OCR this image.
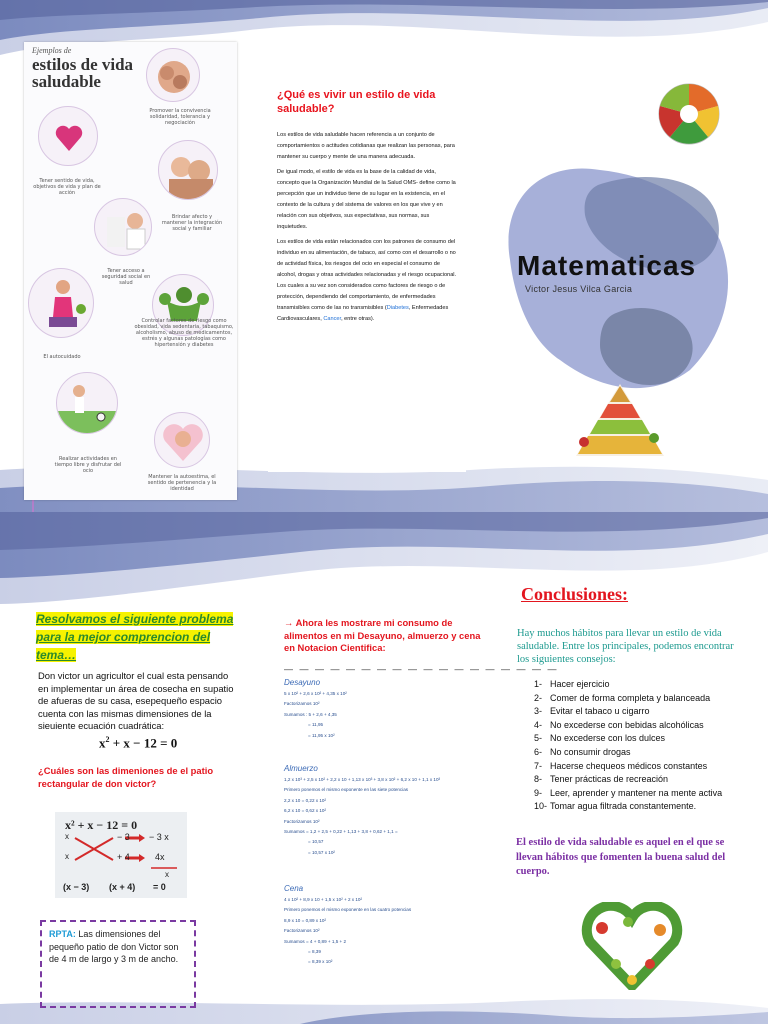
Ejemplos de
estilos de vida saludable
Promover la convivencia solidaridad, tolerancia y negociación
Tener sentido de vida, objetivos de vida y plan de acción
Brindar afecto y mantener la integración social y familiar
Tener acceso a seguridad social en salud
El autocuidado
Controlar factores de riesgo como obesidad, vida sedentaria, tabaquismo, alcoholismo, abuso de medicamentos, estrés y algunas patologías como hipertensión y diabetes
Realizar actividades en tiempo libre y disfrutar del ocio
Mantener la autoestima, el sentido de pertenencia y la identidad
¿Qué es vivir un estilo de vida saludable?

Los estilos de vida saludable hacen referencia a un conjunto de comportamientos o actitudes cotidianas que realizan las personas, para mantener su cuerpo y mente de una manera adecuada.

De igual modo, el estilo de vida es la base de la calidad de vida, concepto que la Organización Mundial de la Salud OMS- define como la percepción que un individuo tiene de su lugar en la existencia, en el contexto de la cultura y del sistema de valores en los que vive y en relación con sus objetivos, sus expectativas, sus normas, sus inquietudes.

Los estilos de vida están relacionados con los patrones de consumo del individuo en su alimentación, de tabaco, así como con el desarrollo o no de actividad física, los riesgos del ocio en especial el consumo de alcohol, drogas y otras actividades relacionadas y el riesgo ocupacional. Los cuales a su vez son considerados como factores de riesgo o de protección, dependiendo del comportamiento, de enfermedades transmisibles como de las no transmisibles (Diabetes, Enfermedades Cardiovasculares, Cancer, entre otras).

Matematicas
Victor Jesus Vilca Garcia
Resolvamos el siguiente problema para la mejor comprencion del tema…
Don victor un agricultor el cual esta pensando en implementar un área de cosecha en supatio de afueras de su casa, esepequeño espacio cuenta con las mismas dimensiones de la sieuiente ecuación cuadrática:
$x^2 + x - 12 = 0$
¿Cuáles son las dimeniones de el patio rectangular de don victor?
x² + x − 12 = 0
x
x
− 3
+ 4
− 3 x
4x
x
(x − 3) (x + 4) = 0
RPTA: Las dimensiones del pequeño patio de don Victor son de 4 m de largo y 3 m de ancho.
→ Ahora les mostrare mi consumo de alimentos en mi Desayuno, almuerzo y cena en Notacion Cientifica:
— — — — — — — — — — — — — — — — — —
Desayuno
5 x 10² + 2,6 x 10² + 4,35 x 10²
Factorizamos 10²
Sumamos : 5 + 2,6 + 4,35
= 11,95
= 11,95 x 10²
Almuerzo
1,2 x 10³ + 2,5 x 10² + 2,2 x 10 + 1,13 x 10³ + 3,8 x 10² + 6,2 x 10 + 1,1 x 10³
Primero ponemos el mismo exponente en las siete potencias
2,2 x 10 = 0,22 x 10²
6,2 x 10 = 0,62 x 10²
Factorizamos 10²
Sumamos = 1,2 + 2,5 + 0,22 + 1,13 + 3,8 + 0,62 + 1,1 =
= 10,57
= 10,57 x 10²
Cena
4 x 10² + 8,9 x 10 + 1,5 x 10² + 2 x 10²
Primero ponemos el mismo exponente en las cuatro potencias
8,9 x 10 = 0,89 x 10²
Factorizamos 10²
Sumamos = 4 + 0,89 + 1,5 + 2
= 8,39
= 8,39 x 10²
Conclusiones:
Hay muchos hábitos para llevar un estilo de vida saludable. Entre los principales, podemos encontrar los siguientes consejos:
1- Hacer ejercicio
2- Comer de forma completa y balanceada
3- Evitar el tabaco u cigarro
4- No excederse con bebidas alcohólicas
5- No excederse con los dulces
6- No consumir drogas
7- Hacerse chequeos médicos constantes
8- Tener prácticas de recreación
9- Leer, aprender y mantener na mente activa
10- Tomar agua filtrada constantemente.
El estilo de vida saludable es aquel en el que se llevan hábitos que fomenten la buena salud del cuerpo.
